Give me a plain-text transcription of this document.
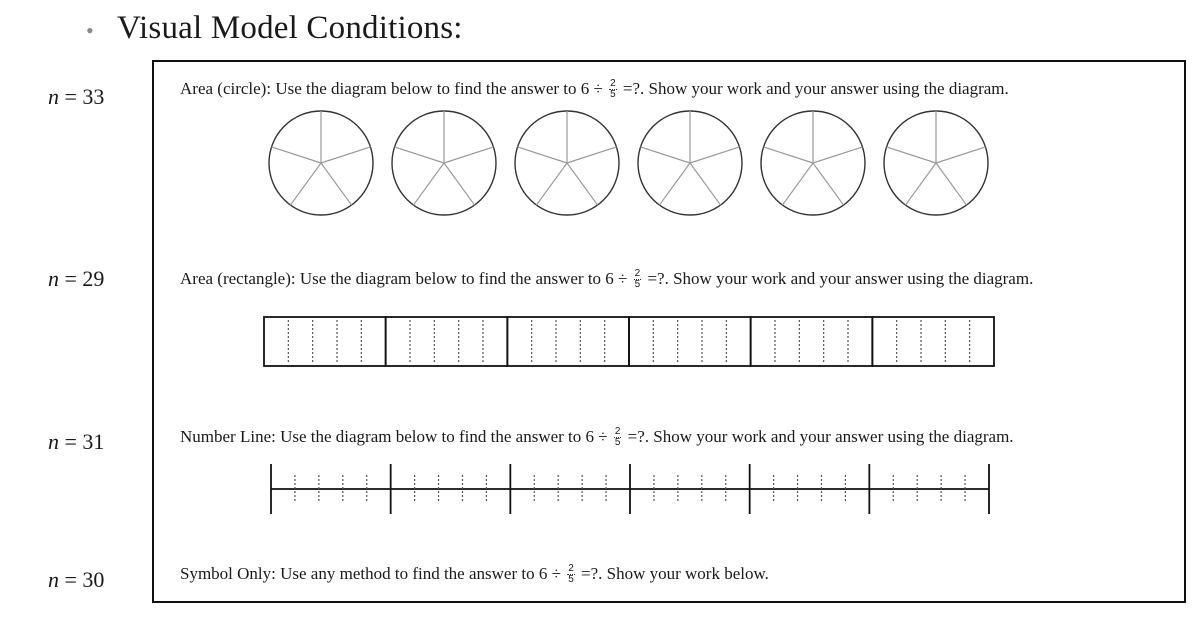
• Visual Model Conditions:
n = 33
n = 29
n = 31
n = 30
Area (circle): Use the diagram below to find the answer to $6 \div \frac{2}{5}$ =?. Show your work and your answer using the diagram.
Area (rectangle): Use the diagram below to find the answer to $6 \div \frac{2}{5}$ =?. Show your work and your answer using the diagram.
Number Line: Use the diagram below to find the answer to $6 \div \frac{2}{5}$ =?. Show your work and your answer using the diagram.
Symbol Only: Use any method to find the answer to $6 \div \frac{2}{5}$ =?. Show your work below.
